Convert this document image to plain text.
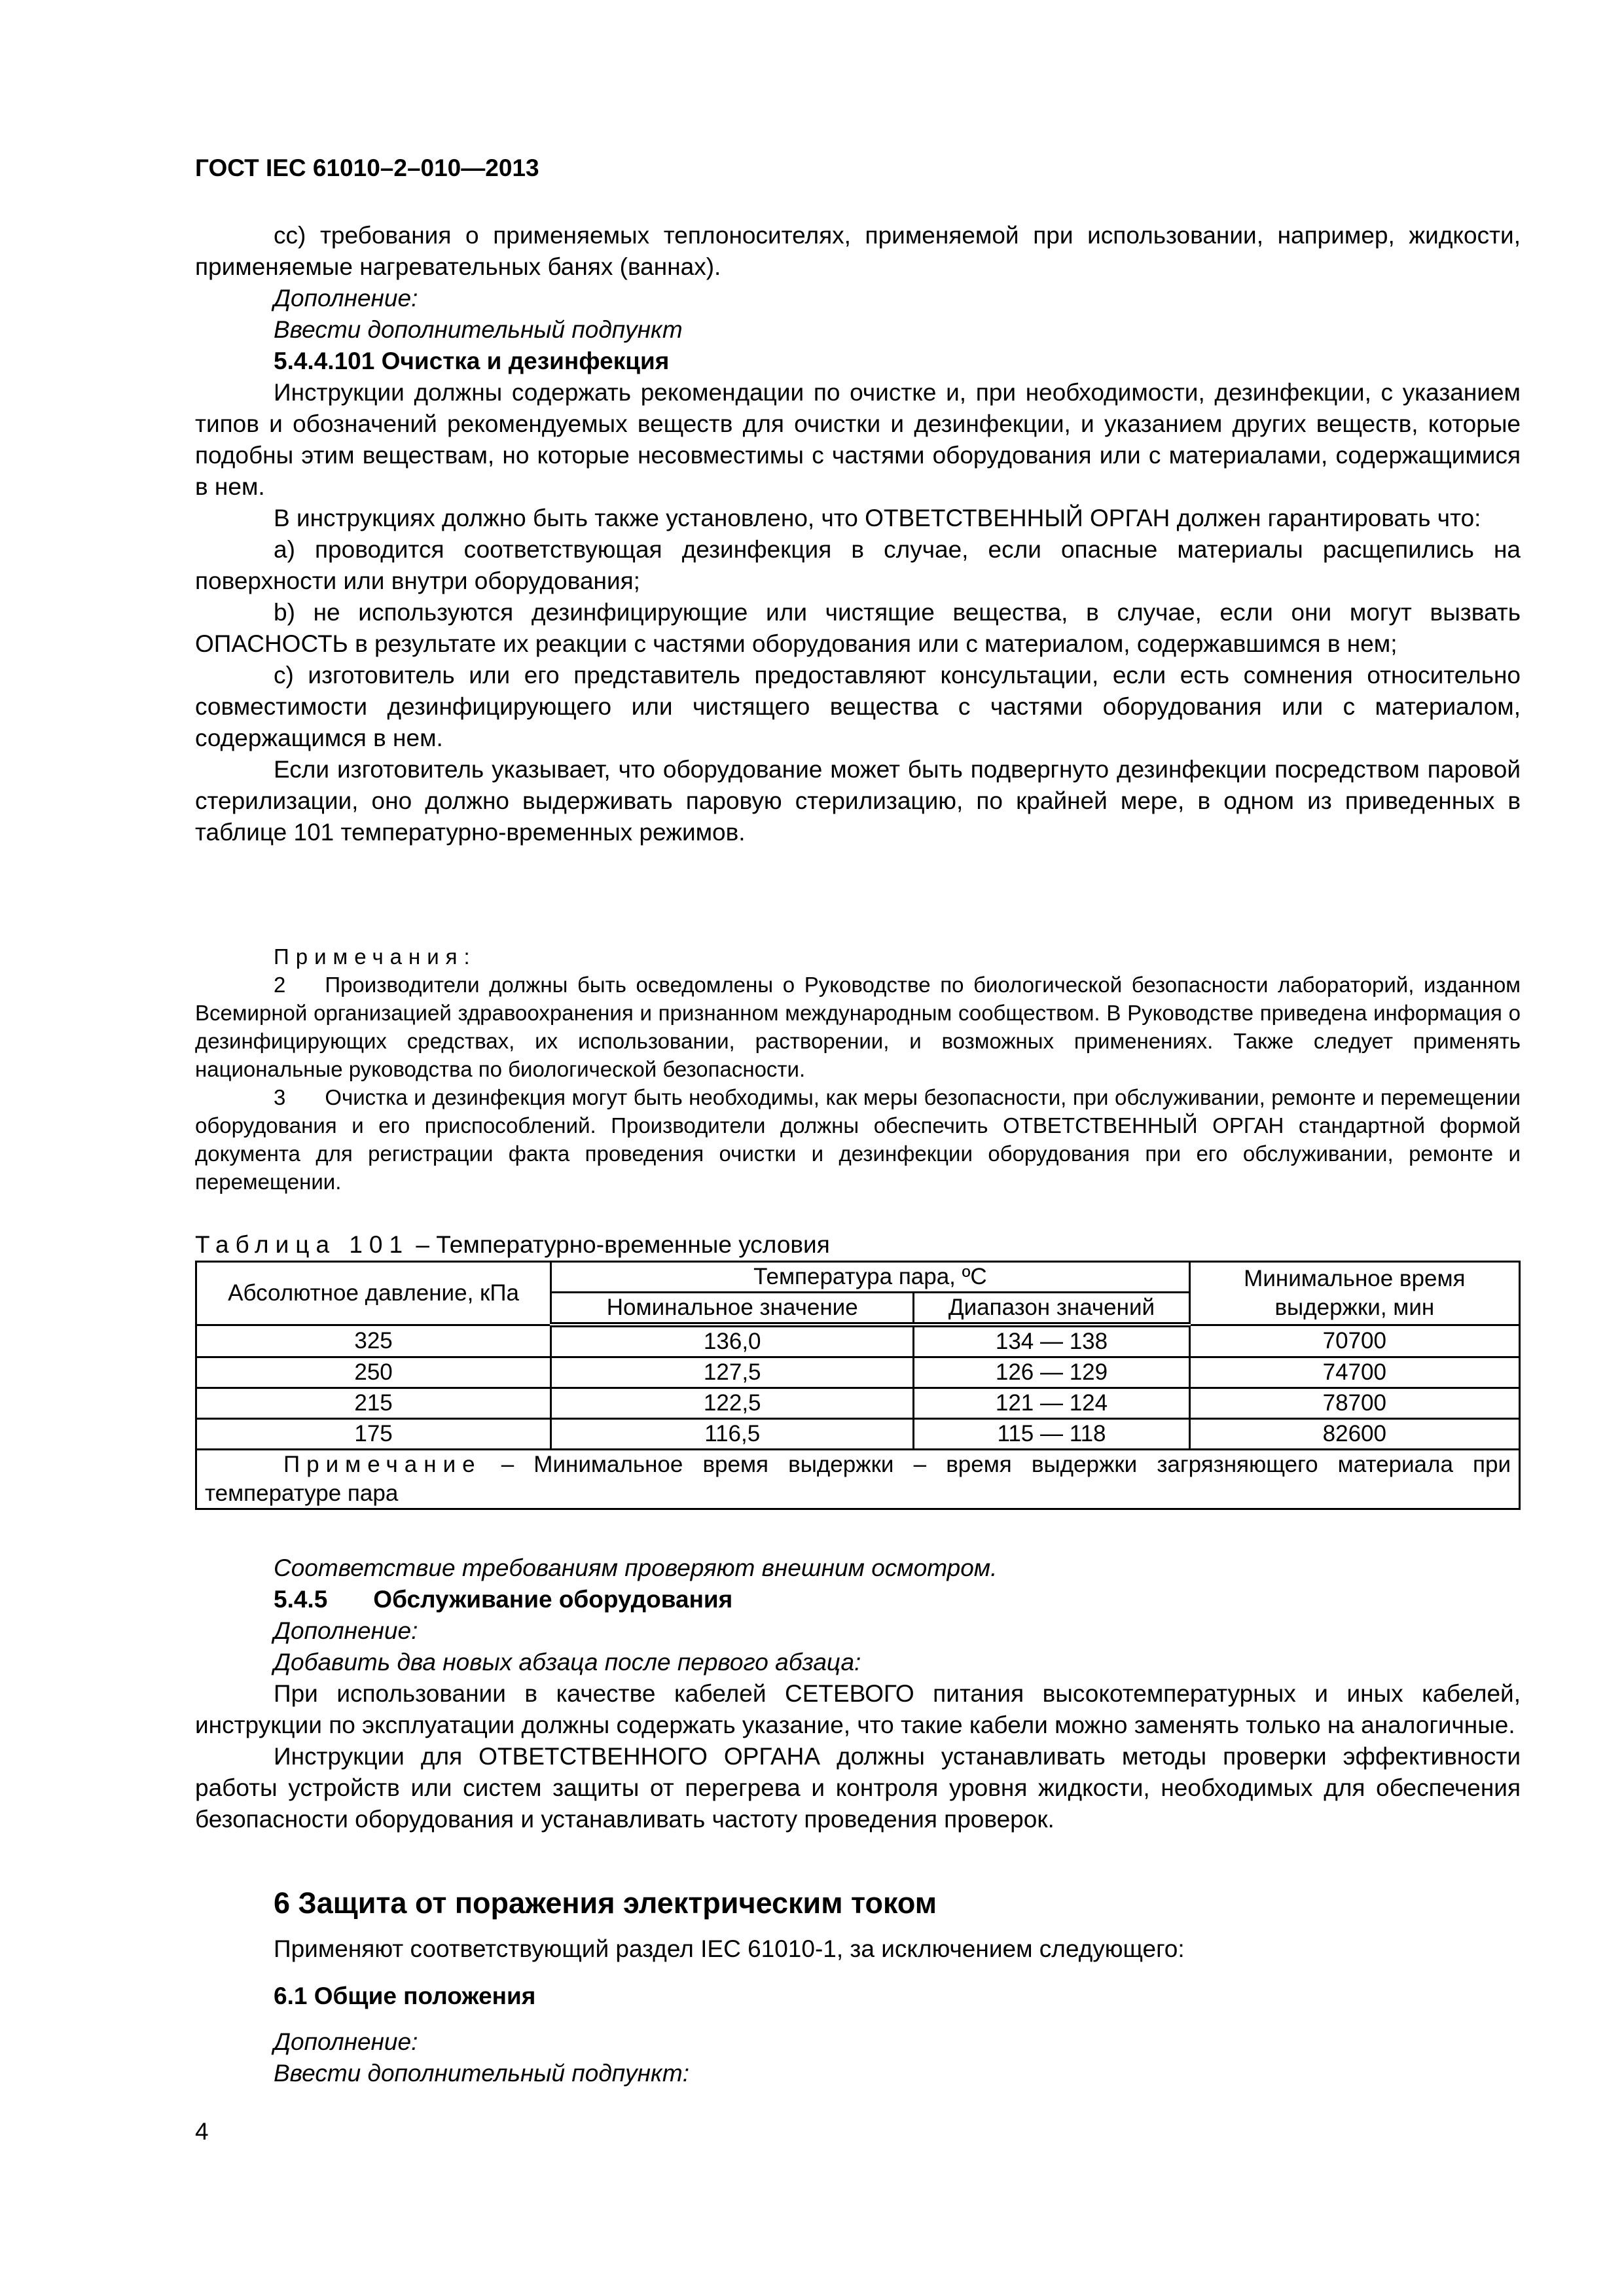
ГОСТ IEC 61010–2–010—2013

сс) требования о применяемых теплоносителях, применяемой при использовании, например, жидкости, применяемые нагревательных банях (ваннах).

Дополнение:

Ввести дополнительный подпункт

5.4.4.101 Очистка и дезинфекция

Инструкции должны содержать рекомендации по очистке и, при необходимости, дезинфекции, с указанием типов и обозначений рекомендуемых веществ для очистки и дезинфекции, и указанием других веществ, которые подобны этим веществам, но которые несовместимы с частями оборудования или с материалами, содержащимися в нем.

В инструкциях должно быть также установлено, что ОТВЕТСТВЕННЫЙ ОРГАН должен гарантировать что:

a) проводится соответствующая дезинфекция в случае, если опасные материалы расщепились на поверхности или внутри оборудования;

b) не используются дезинфицирующие или чистящие вещества, в случае, если они могут вызвать ОПАСНОСТЬ в результате их реакции с частями оборудования или с материалом, содержавшимся в нем;

c) изготовитель или его представитель предоставляют консультации, если есть сомнения относительно совместимости дезинфицирующего или чистящего вещества с частями оборудования или с материалом, содержащимся в нем.

Если изготовитель указывает, что оборудование может быть подвергнуто дезинфекции посредством паровой стерилизации, оно должно выдерживать паровую стерилизацию, по крайней мере, в одном из приведенных в таблице 101 температурно-временных режимов.

Примечания:

2 Производители должны быть осведомлены о Руководстве по биологической безопасности лабораторий, изданном Всемирной организацией здравоохранения и признанном международным сообществом. В Руководстве приведена информация о дезинфицирующих средствах, их использовании, растворении, и возможных применениях. Также следует применять национальные руководства по биологической безопасности.

3 Очистка и дезинфекция могут быть необходимы, как меры безопасности, при обслуживании, ремонте и перемещении оборудования и его приспособлений. Производители должны обеспечить ОТВЕТСТВЕННЫЙ ОРГАН стандартной формой документа для регистрации факта проведения очистки и дезинфекции оборудования при его обслуживании, ремонте и перемещении.

Таблица 101 – Температурно-временные условия
Абсолютное давление, кПа	Температура пара, ºC		Минимальное время выдержки, мин
	Номинальное значение	Диапазон значений	
325	136,0	134 — 138	70700
250	127,5	126 — 129	74700
215	122,5	121 — 124	78700
175	116,5	115 — 118	82600
Примечание – Минимальное время выдержки – время выдержки загрязняющего материала при температуре пара			

Соответствие требованиям проверяют внешним осмотром.

5.4.5 Обслуживание оборудования

Дополнение:

Добавить два новых абзаца после первого абзаца:

При использовании в качестве кабелей СЕТЕВОГО питания высокотемпературных и иных кабелей, инструкции по эксплуатации должны содержать указание, что такие кабели можно заменять только на аналогичные.

Инструкции для ОТВЕТСТВЕННОГО ОРГАНА должны устанавливать методы проверки эффективности работы устройств или систем защиты от перегрева и контроля уровня жидкости, необходимых для обеспечения безопасности оборудования и устанавливать частоту проведения проверок.

6 Защита от поражения электрическим током

Применяют соответствующий раздел IEC 61010-1, за исключением следующего:

6.1 Общие положения

Дополнение:

Ввести дополнительный подпункт:

4
